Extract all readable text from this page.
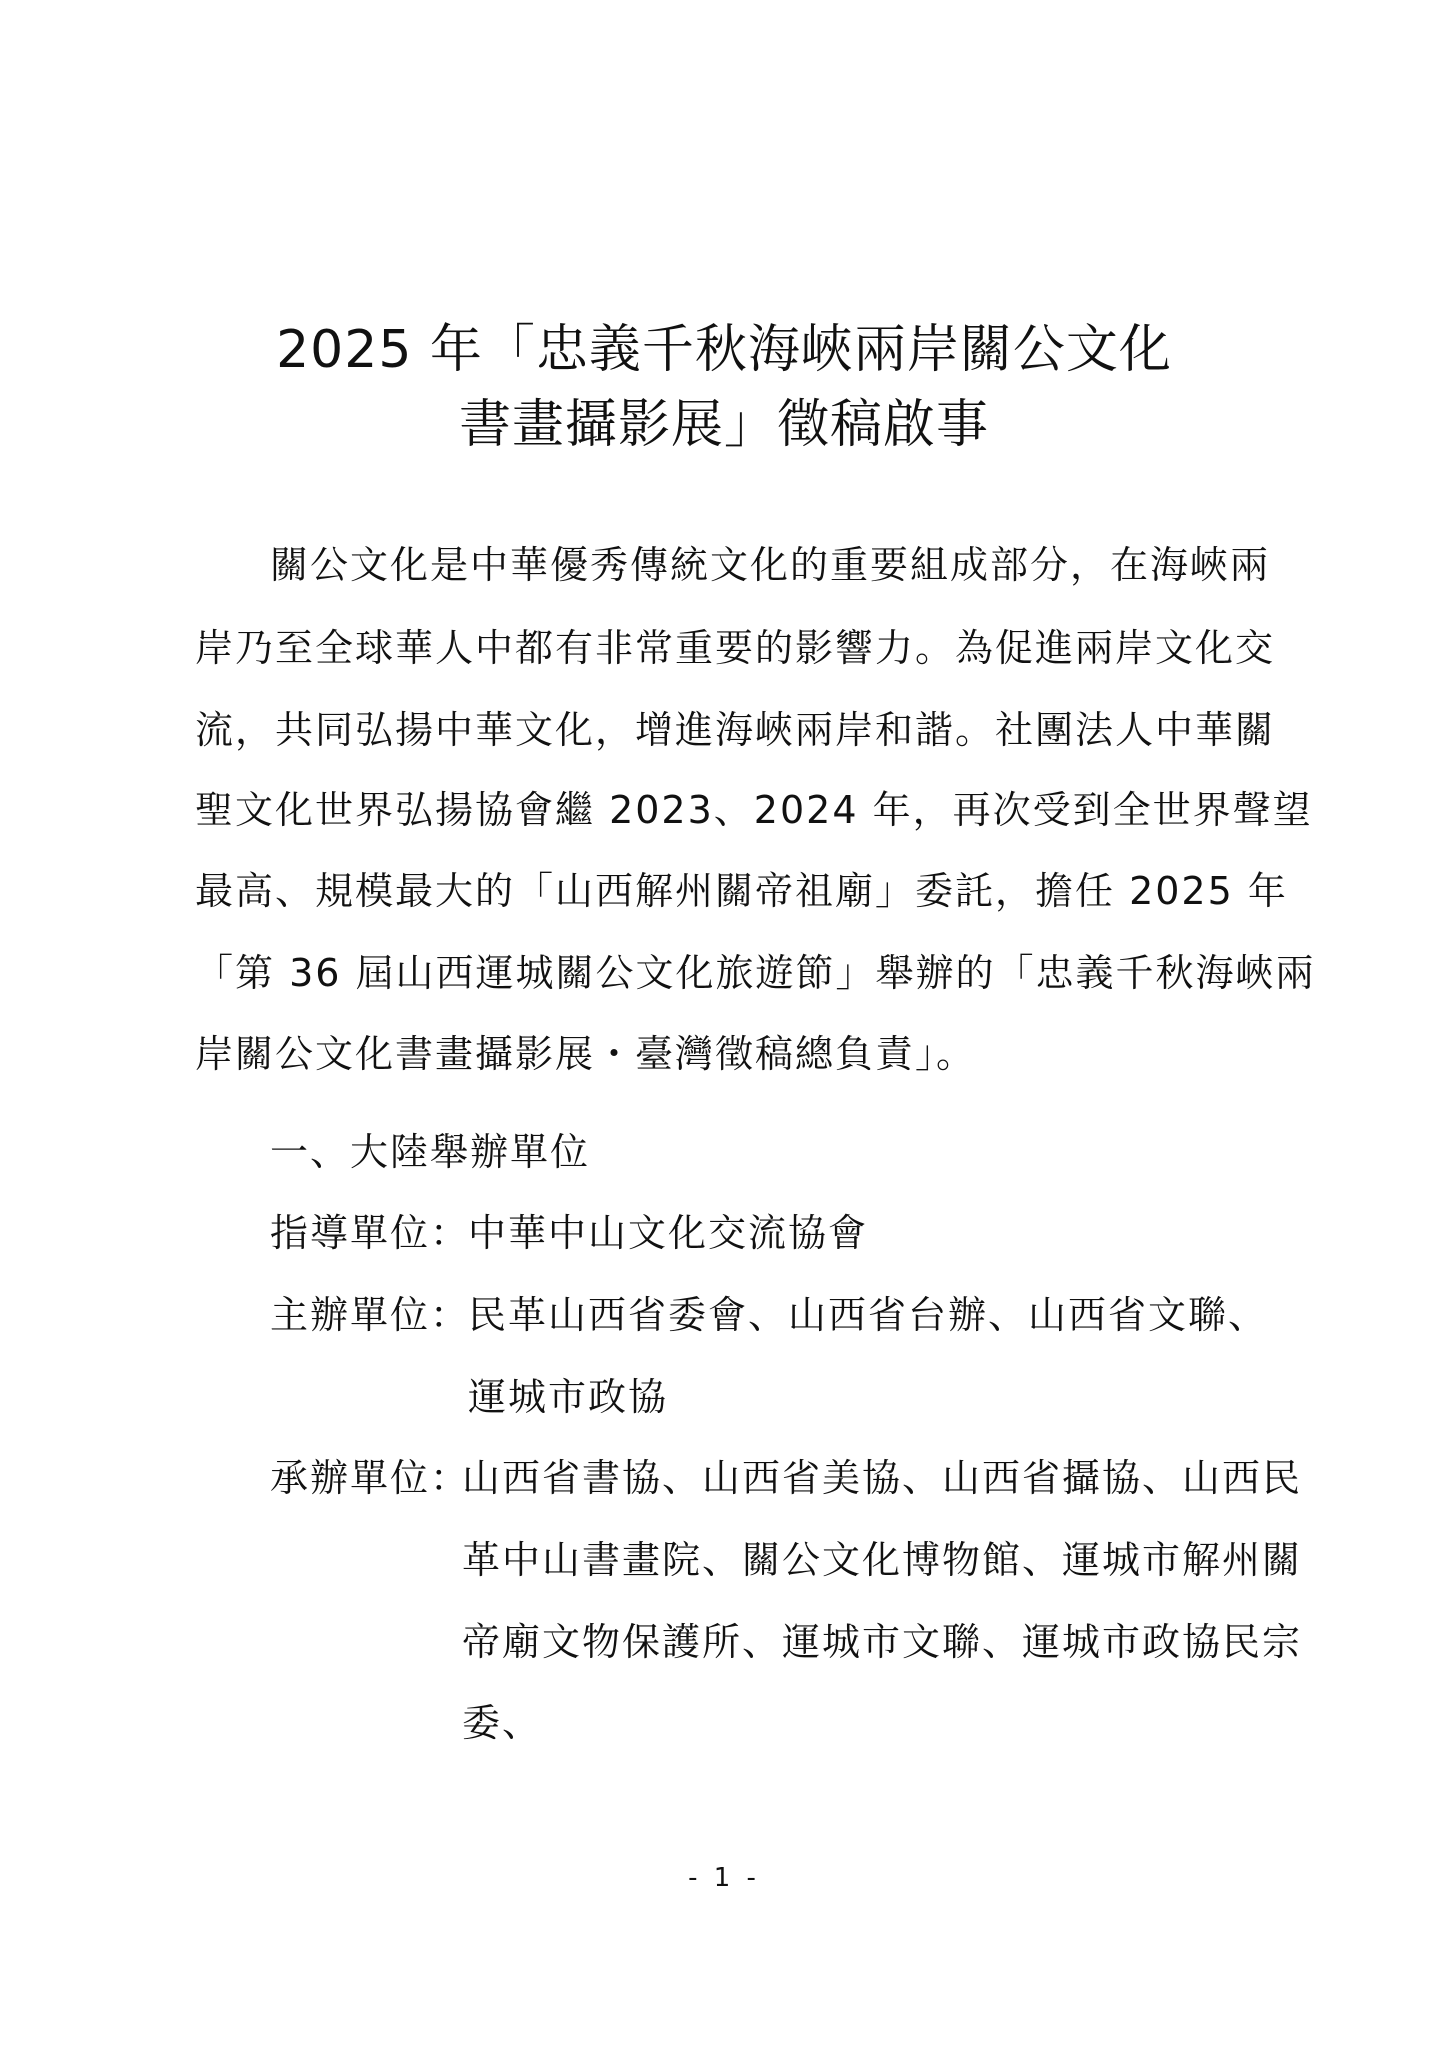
2025 年「忠義千秋海峽兩岸關公文化
書畫攝影展」徵稿啟事
關公文化是中華優秀傳統文化的重要組成部分，在海峽兩
岸乃至全球華人中都有非常重要的影響力。為促進兩岸文化交
流，共同弘揚中華文化，增進海峽兩岸和諧。社團法人中華關
聖文化世界弘揚協會繼 2023、2024 年，再次受到全世界聲望
最高、規模最大的「山西解州關帝祖廟」委託，擔任 2025 年
「第 36 屆山西運城關公文化旅遊節」舉辦的「忠義千秋海峽兩
岸關公文化書畫攝影展・臺灣徵稿總負責」。
一、大陸舉辦單位
指導單位：
中華中山文化交流協會
主辦單位：
民革山西省委會、山西省台辦、山西省文聯、
運城市政協
承辦單位：
山西省書協、山西省美協、山西省攝協、山西民
革中山書畫院、關公文化博物館、運城市解州關
帝廟文物保護所、運城市文聯、運城市政協民宗
委、
- 1 -
